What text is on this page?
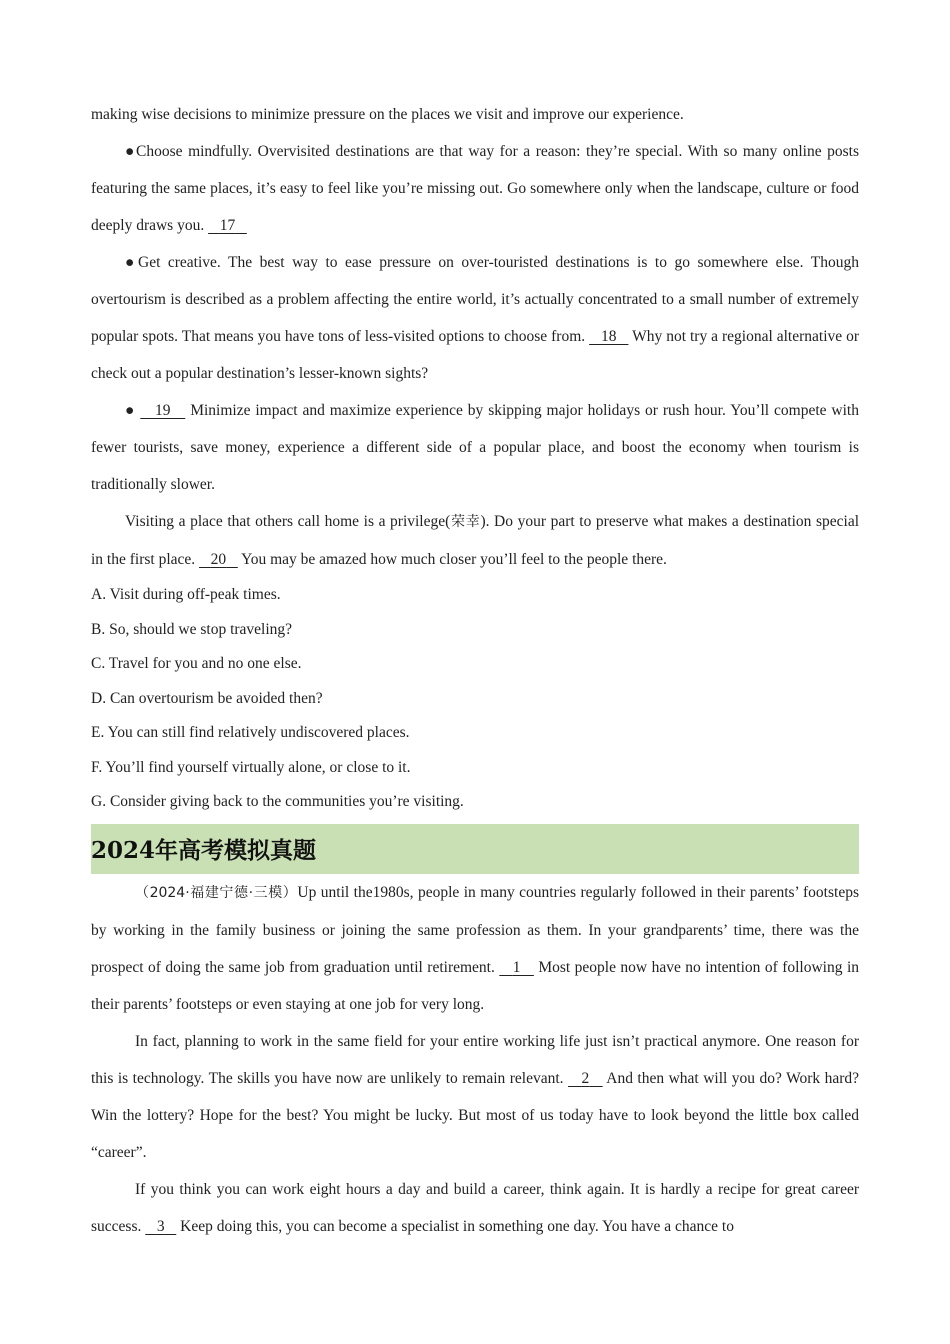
making wise decisions to minimize pressure on the places we visit and improve our experience.

●Choose mindfully. Overvisited destinations are that way for a reason: they’re special. With so many online posts featuring the same places, it’s easy to feel like you’re missing out. Go somewhere only when the landscape, culture or food deeply draws you.    17

●Get creative. The best way to ease pressure on over-touristed destinations is to go somewhere else. Though overtourism is described as a problem affecting the entire world, it’s actually concentrated to a small number of extremely popular spots. That means you have tons of less-visited options to choose from.    18    Why not try a regional alternative or check out a popular destination’s lesser-known sights?

●    19    Minimize impact and maximize experience by skipping major holidays or rush hour. You’ll compete with fewer tourists, save money, experience a different side of a popular place, and boost the economy when tourism is traditionally slower.

Visiting a place that others call home is a privilege(荣幸). Do your part to preserve what makes a destination special in the first place.    20    You may be amazed how much closer you’ll feel to the people there.

A. Visit during off-peak times.

B. So, should we stop traveling?

C. Travel for you and no one else.

D. Can overtourism be avoided then?

E. You can still find relatively undiscovered places.

F. You’ll find yourself virtually alone, or close to it.

G. Consider giving back to the communities you’re visiting.

2024年高考模拟真题

（2024·福建宁德·三模）Up until the1980s, people in many countries regularly followed in their parents’ footsteps by working in the family business or joining the same profession as them. In your grandparents’ time, there was the prospect of doing the same job from graduation until retirement.    1    Most people now have no intention of following in their parents’ footsteps or even staying at one job for very long.

In fact, planning to work in the same field for your entire working life just isn’t practical anymore. One reason for this is technology. The skills you have now are unlikely to remain relevant.    2    And then what will you do? Work hard? Win the lottery? Hope for the best? You might be lucky. But most of us today have to look beyond the little box called “career”.

If you think you can work eight hours a day and build a career, think again. It is hardly a recipe for great career success.    3    Keep doing this, you can become a specialist in something one day. You have a chance to
